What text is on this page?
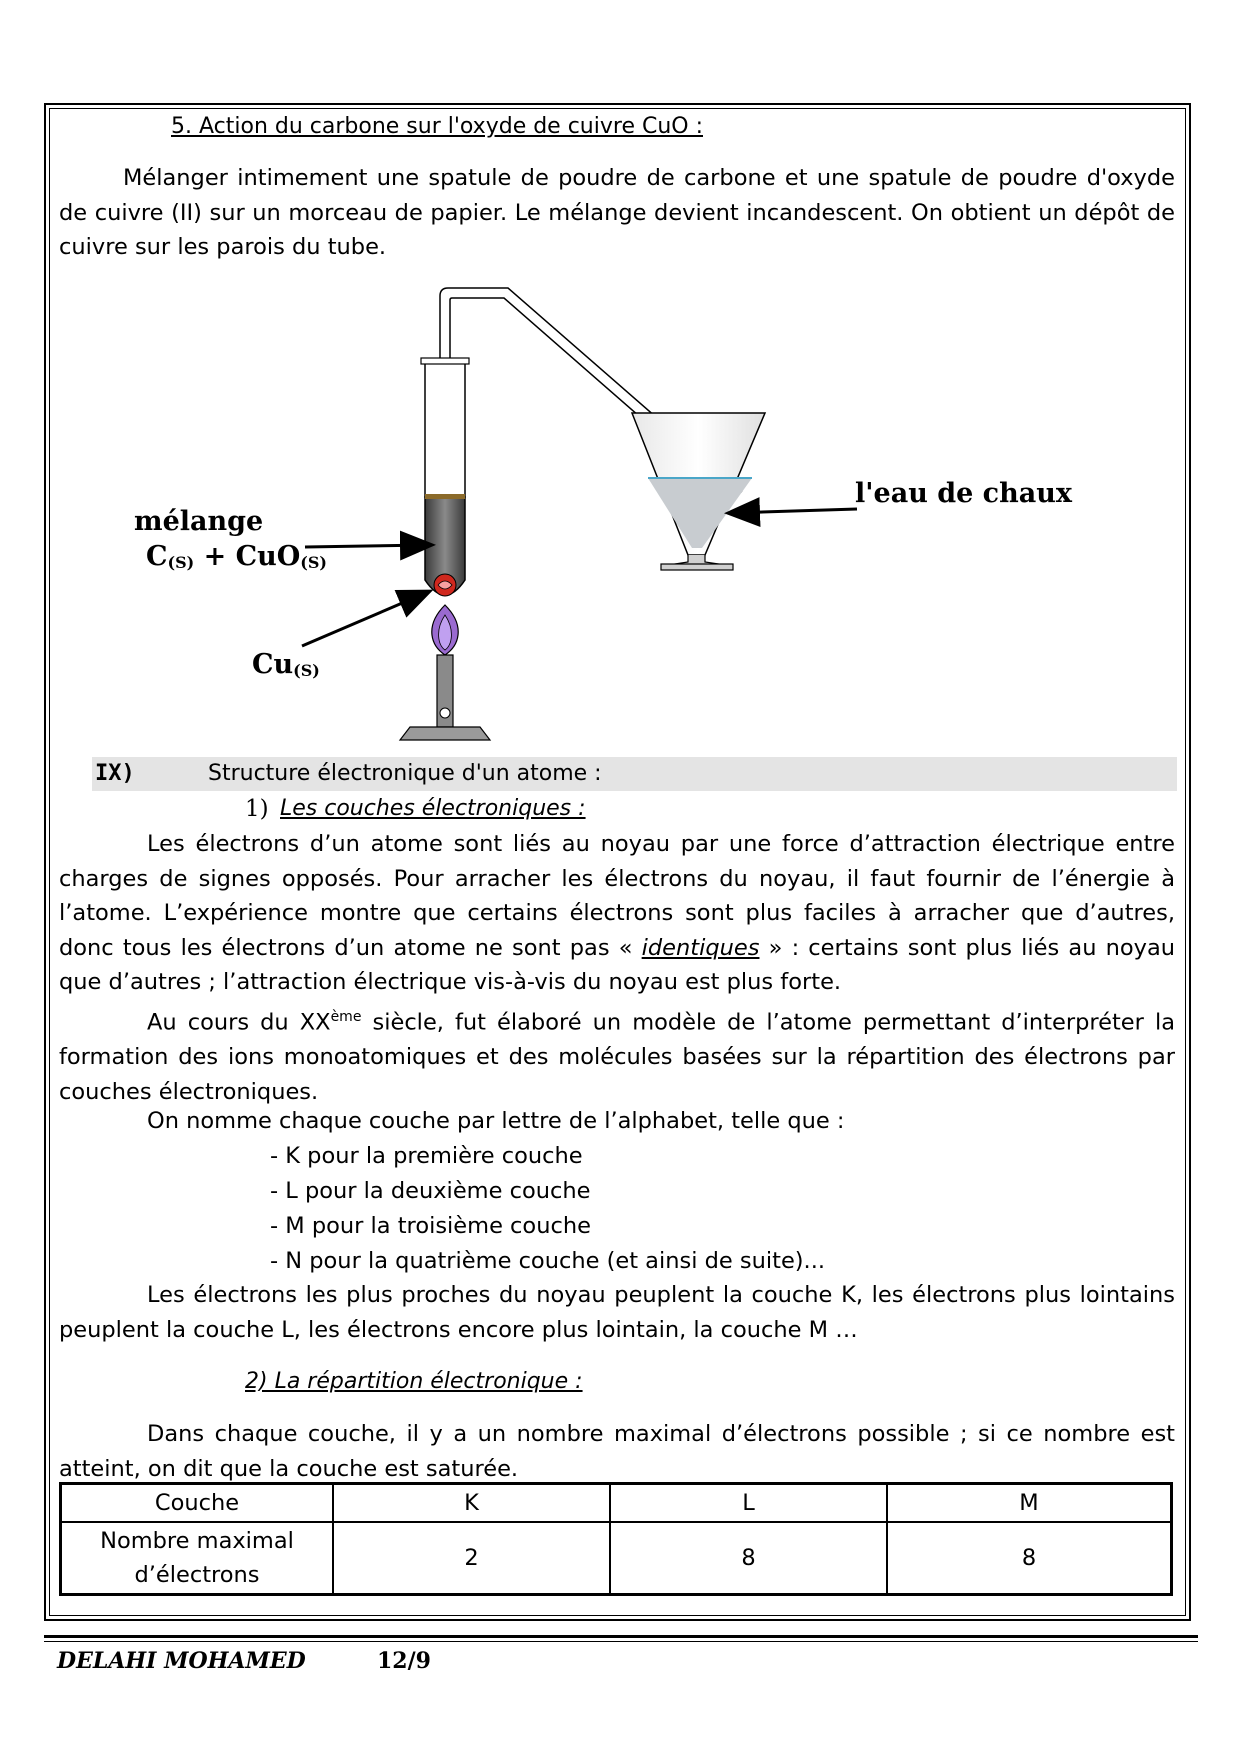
5. Action du carbone sur l'oxyde de cuivre CuO :
Mélanger intimement une spatule de poudre de carbone et une spatule de poudre d'oxyde de cuivre (II) sur un morceau de papier. Le mélange devient incandescent. On obtient un dépôt de cuivre sur les parois du tube.
mélange
$C_{(S)} + CuO_{(S)}$
$Cu_{(S)}$
l'eau de chaux
IX)	Structure électronique d'un atome :
1) Les couches électroniques :
Les électrons d’un atome sont liés au noyau par une force d’attraction électrique entre charges de signes opposés. Pour arracher les électrons du noyau, il faut fournir de l’énergie à l’atome. L’expérience montre que certains électrons sont plus faciles à arracher que d’autres, donc tous les électrons d’un atome ne sont pas « identiques » : certains sont plus liés au noyau que d’autres ; l’attraction électrique vis-à-vis du noyau est plus forte.
Au cours du XXème siècle, fut élaboré un modèle de l’atome permettant d’interpréter la formation des ions monoatomiques et des molécules basées sur la répartition des électrons par couches électroniques.
On nomme chaque couche par lettre de l’alphabet, telle que :
- K pour la première couche
- L pour la deuxième couche
- M pour la troisième couche
- N pour la quatrième couche (et ainsi de suite)...
Les électrons les plus proches du noyau peuplent la couche K, les électrons plus lointains peuplent la couche L, les électrons encore plus lointain, la couche M …
2) La répartition électronique :
Dans chaque couche, il y a un nombre maximal d’électrons possible ; si ce nombre est atteint, on dit que la couche est saturée.
Couche	K	L	M

Nombre maximal
d’électrons	2	8	8
DELAHI MOHAMED	12/9
